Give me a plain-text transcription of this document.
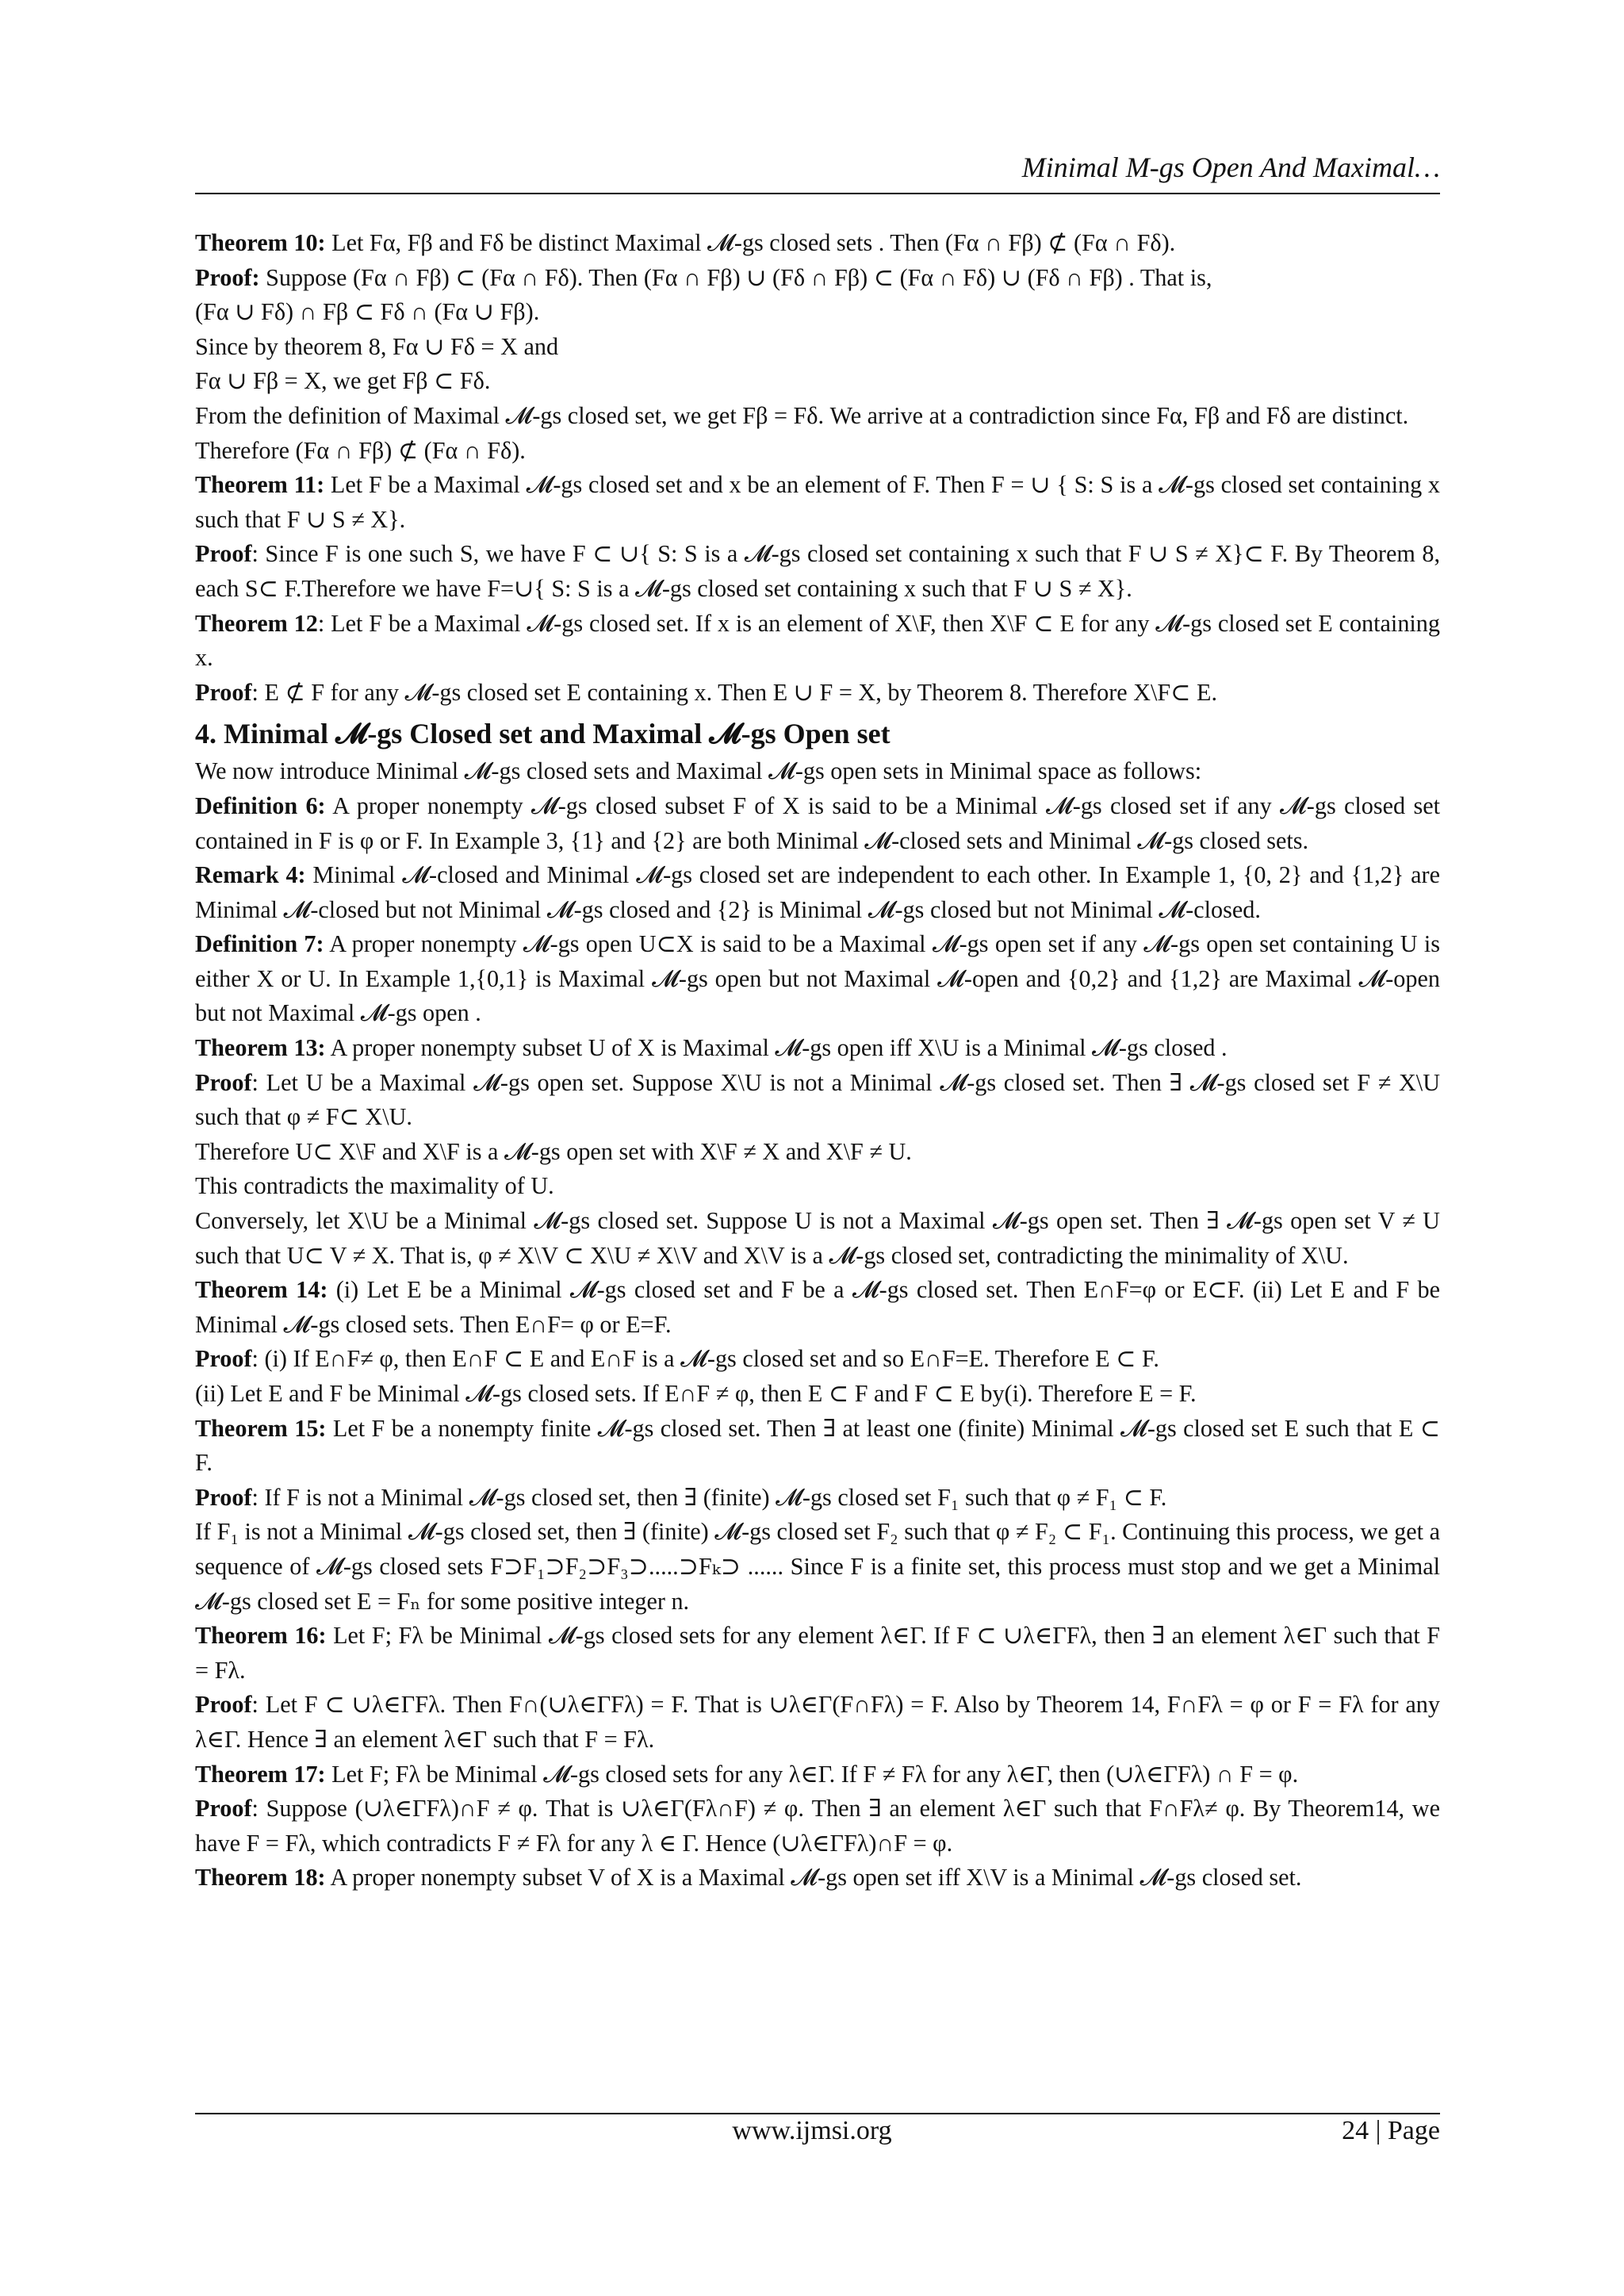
Minimal M-gs Open And Maximal…

Theorem 10: Let Fα, Fβ and Fδ be distinct Maximal 𝓜-gs closed sets . Then (Fα ∩ Fβ) ⊄ (Fα ∩ Fδ).

Proof: Suppose (Fα ∩ Fβ) ⊂ (Fα ∩ Fδ). Then (Fα ∩ Fβ) ∪ (Fδ ∩ Fβ) ⊂ (Fα ∩ Fδ) ∪ (Fδ ∩ Fβ) . That is,

(Fα ∪ Fδ) ∩ Fβ ⊂ Fδ ∩ (Fα ∪ Fβ).

Since by theorem 8, Fα ∪ Fδ = X and

Fα ∪ Fβ = X, we get Fβ ⊂ Fδ.

From the definition of Maximal 𝓜-gs closed set, we get Fβ = Fδ. We arrive at a contradiction since Fα, Fβ and Fδ are distinct.

Therefore (Fα ∩ Fβ) ⊄ (Fα ∩ Fδ).

Theorem 11: Let F be a Maximal 𝓜-gs closed set and x be an element of F. Then F = ∪ { S: S is a 𝓜-gs closed set containing x such that F ∪ S ≠ X}.

Proof: Since F is one such S, we have F ⊂ ∪{ S: S is a 𝓜-gs closed set containing x such that F ∪ S ≠ X}⊂ F. By Theorem 8, each S⊂ F.Therefore we have F=∪{ S: S is a 𝓜-gs closed set containing x such that F ∪ S ≠ X}.

Theorem 12: Let F be a Maximal 𝓜-gs closed set. If x is an element of X\F, then X\F ⊂ E for any 𝓜-gs closed set E containing x.

Proof: E ⊄ F for any 𝓜-gs closed set E containing x. Then E ∪ F = X, by Theorem 8. Therefore X\F⊂ E.

4. Minimal 𝓜-gs Closed set and Maximal 𝓜-gs Open set

We now introduce Minimal 𝓜-gs closed sets and Maximal 𝓜-gs open sets in Minimal space as follows:

Definition 6: A proper nonempty 𝓜-gs closed subset F of X is said to be a Minimal 𝓜-gs closed set if any 𝓜-gs closed set contained in F is φ or F. In Example 3, {1} and {2} are both Minimal 𝓜-closed sets and Minimal 𝓜-gs closed sets.

Remark 4: Minimal 𝓜-closed and Minimal 𝓜-gs closed set are independent to each other. In Example 1, {0, 2} and {1,2} are Minimal 𝓜-closed but not Minimal 𝓜-gs closed and {2} is Minimal 𝓜-gs closed but not Minimal 𝓜-closed.

Definition 7: A proper nonempty 𝓜-gs open U⊂X is said to be a Maximal 𝓜-gs open set if any 𝓜-gs open set containing U is either X or U. In Example 1,{0,1} is Maximal 𝓜-gs open but not Maximal 𝓜-open and {0,2} and {1,2} are Maximal 𝓜-open but not Maximal 𝓜-gs open .

Theorem 13: A proper nonempty subset U of X is Maximal 𝓜-gs open iff X\U is a Minimal 𝓜-gs closed .

Proof: Let U be a Maximal 𝓜-gs open set. Suppose X\U is not a Minimal 𝓜-gs closed set. Then ∃ 𝓜-gs closed set F ≠ X\U such that φ ≠ F⊂ X\U.

Therefore U⊂ X\F and X\F is a 𝓜-gs open set with X\F ≠ X and X\F ≠ U.

This contradicts the maximality of U.

Conversely, let X\U be a Minimal 𝓜-gs closed set. Suppose U is not a Maximal 𝓜-gs open set. Then ∃ 𝓜-gs open set V ≠ U such that U⊂ V ≠ X. That is, φ ≠ X\V ⊂ X\U ≠ X\V and X\V is a 𝓜-gs closed set, contradicting the minimality of X\U.

Theorem 14: (i) Let E be a Minimal 𝓜-gs closed set and F be a 𝓜-gs closed set. Then E∩F=φ or E⊂F. (ii) Let E and F be Minimal 𝓜-gs closed sets. Then E∩F= φ or E=F.

Proof: (i) If E∩F≠ φ, then E∩F ⊂ E and E∩F is a 𝓜-gs closed set and so E∩F=E. Therefore E ⊂ F.

(ii) Let E and F be Minimal 𝓜-gs closed sets. If E∩F ≠ φ, then E ⊂ F and F ⊂ E by(i). Therefore E = F.

Theorem 15: Let F be a nonempty finite 𝓜-gs closed set. Then ∃ at least one (finite) Minimal 𝓜-gs closed set E such that E ⊂ F.

Proof: If F is not a Minimal 𝓜-gs closed set, then ∃ (finite) 𝓜-gs closed set F₁ such that φ ≠ F₁ ⊂ F.

If F₁ is not a Minimal 𝓜-gs closed set, then ∃ (finite) 𝓜-gs closed set F₂ such that φ ≠ F₂ ⊂ F₁. Continuing this process, we get a sequence of 𝓜-gs closed sets F⊃F₁⊃F₂⊃F₃⊃.....⊃Fₖ⊃ ...... Since F is a finite set, this process must stop and we get a Minimal 𝓜-gs closed set E = Fₙ for some positive integer n.

Theorem 16: Let F; Fλ be Minimal 𝓜-gs closed sets for any element λ∈Γ. If F ⊂ ∪λ∈ΓFλ, then ∃ an element λ∈Γ such that F = Fλ.

Proof: Let F ⊂ ∪λ∈ΓFλ. Then F∩(∪λ∈ΓFλ) = F. That is ∪λ∈Γ(F∩Fλ) = F. Also by Theorem 14, F∩Fλ = φ or F = Fλ for any λ∈Γ. Hence ∃ an element λ∈Γ such that F = Fλ.

Theorem 17: Let F; Fλ be Minimal 𝓜-gs closed sets for any λ∈Γ. If F ≠ Fλ for any λ∈Γ, then (∪λ∈ΓFλ) ∩ F = φ.

Proof: Suppose (∪λ∈ΓFλ)∩F ≠ φ. That is ∪λ∈Γ(Fλ∩F) ≠ φ. Then ∃ an element λ∈Γ such that F∩Fλ≠ φ. By Theorem14, we have F = Fλ, which contradicts F ≠ Fλ for any λ ∈ Γ. Hence (∪λ∈ΓFλ)∩F = φ.

Theorem 18: A proper nonempty subset V of X is a Maximal 𝓜-gs open set iff X\V is a Minimal 𝓜-gs closed set.

www.ijmsi.org	24 | Page
